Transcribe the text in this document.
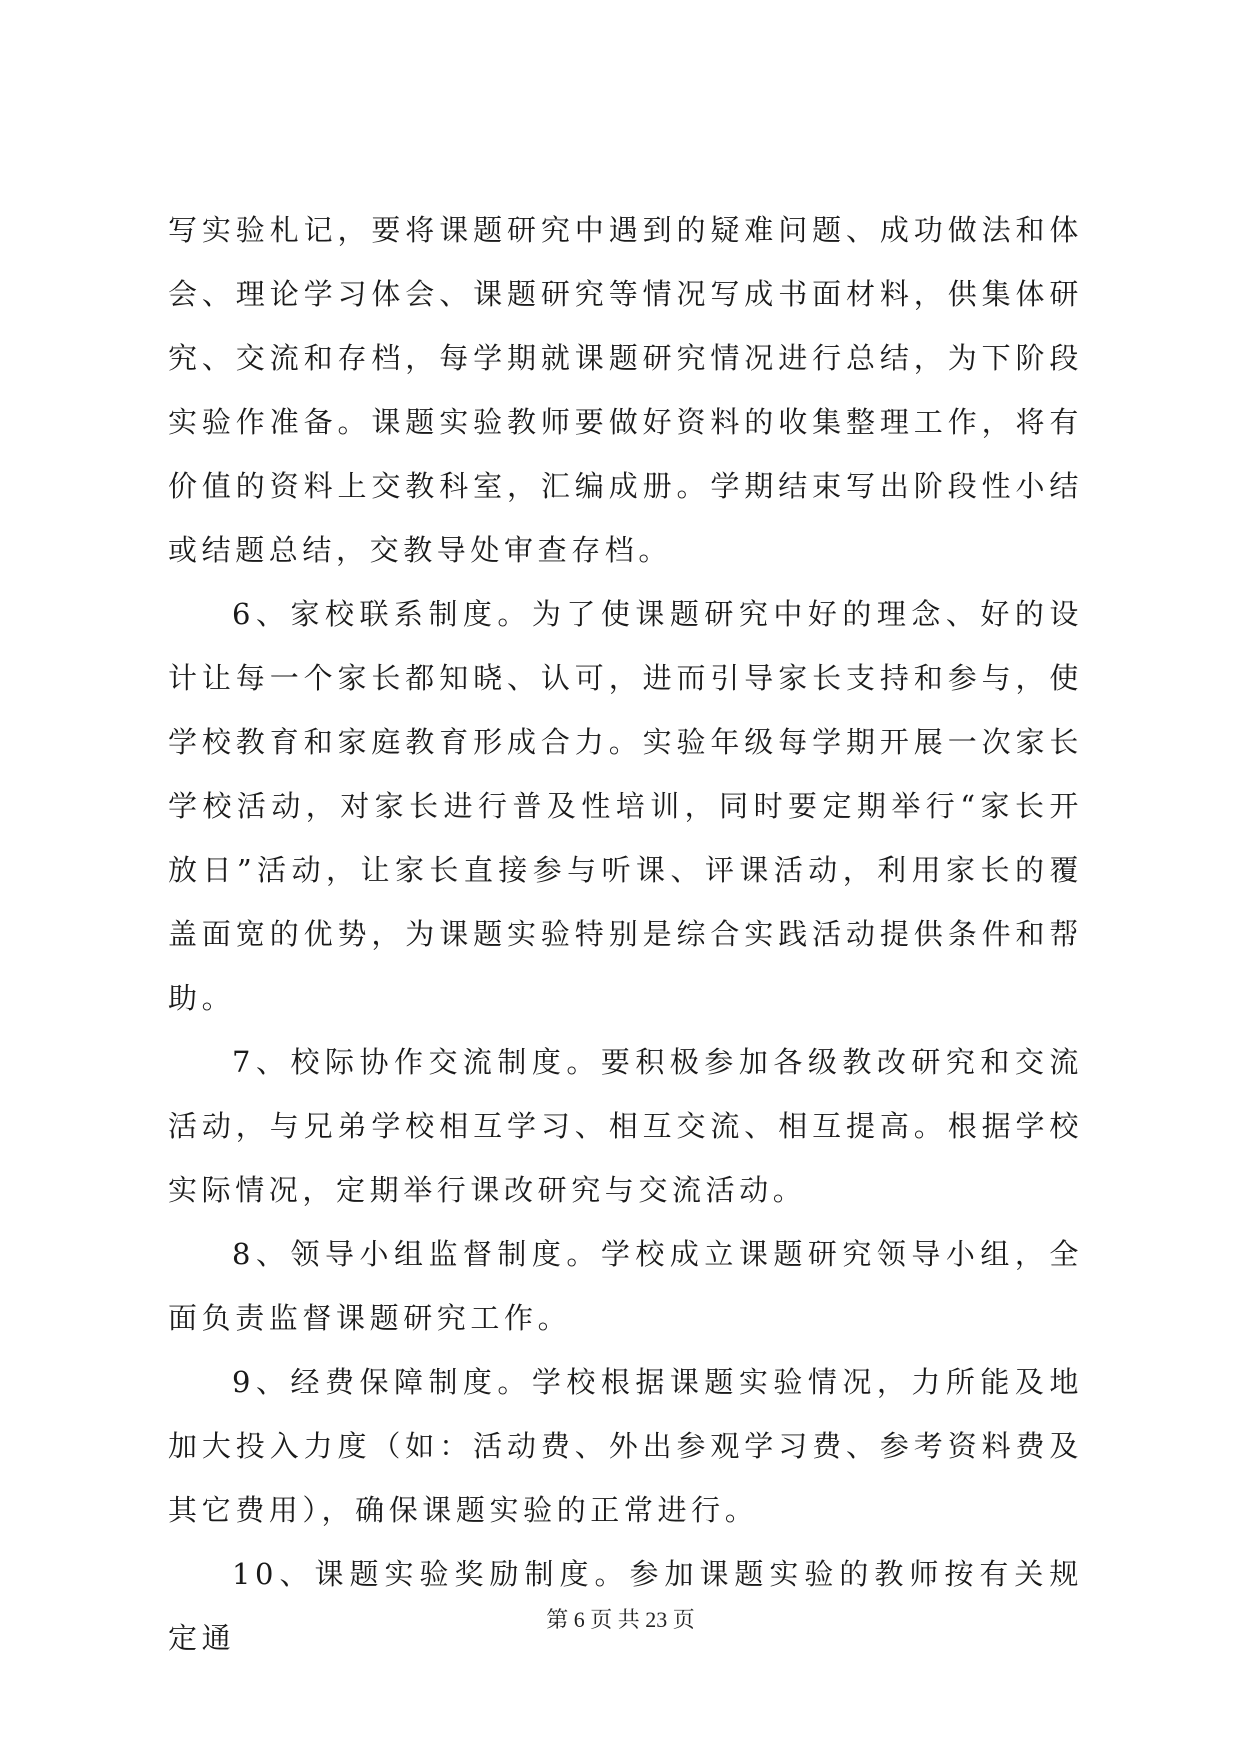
写实验札记，要将课题研究中遇到的疑难问题、成功做法和体会、理论学习体会、课题研究等情况写成书面材料，供集体研究、交流和存档，每学期就课题研究情况进行总结，为下阶段实验作准备。课题实验教师要做好资料的收集整理工作，将有价值的资料上交教科室，汇编成册。学期结束写出阶段性小结或结题总结，交教导处审查存档。

6、家校联系制度。为了使课题研究中好的理念、好的设计让每一个家长都知晓、认可，进而引导家长支持和参与，使学校教育和家庭教育形成合力。实验年级每学期开展一次家长学校活动，对家长进行普及性培训，同时要定期举行“家长开放日”活动，让家长直接参与听课、评课活动，利用家长的覆盖面宽的优势，为课题实验特别是综合实践活动提供条件和帮助。

7、校际协作交流制度。要积极参加各级教改研究和交流活动，与兄弟学校相互学习、相互交流、相互提高。根据学校实际情况，定期举行课改研究与交流活动。

8、领导小组监督制度。学校成立课题研究领导小组，全面负责监督课题研究工作。

9、经费保障制度。学校根据课题实验情况，力所能及地加大投入力度（如：活动费、外出参观学习费、参考资料费及其它费用），确保课题实验的正常进行。

10、课题实验奖励制度。参加课题实验的教师按有关规定通

第 6 页 共 23 页
